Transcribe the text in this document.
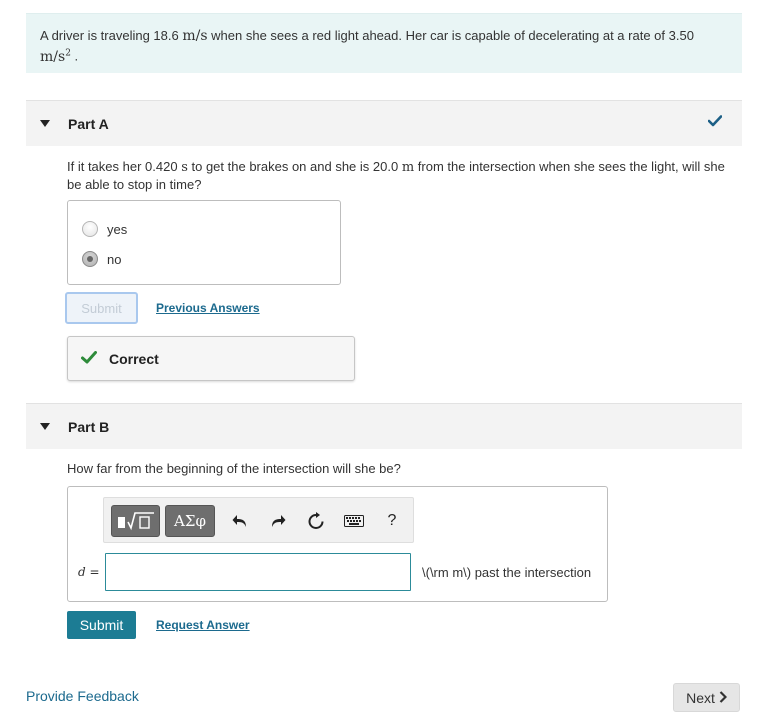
A driver is traveling 18.6 m/s when she sees a red light ahead. Her car is capable of decelerating at a rate of 3.50
$m/s^2$ .
Part A
If it takes her 0.420 s to get the brakes on and she is 20.0 m from the intersection when she sees the light, will she be able to stop in time?
yes
no
Submit	Previous Answers
Correct
Part B
How far from the beginning of the intersection will she be?
ΑΣφ	?
d =	\(\rm m\) past the intersection
Submit	Request Answer
Provide Feedback	Next
